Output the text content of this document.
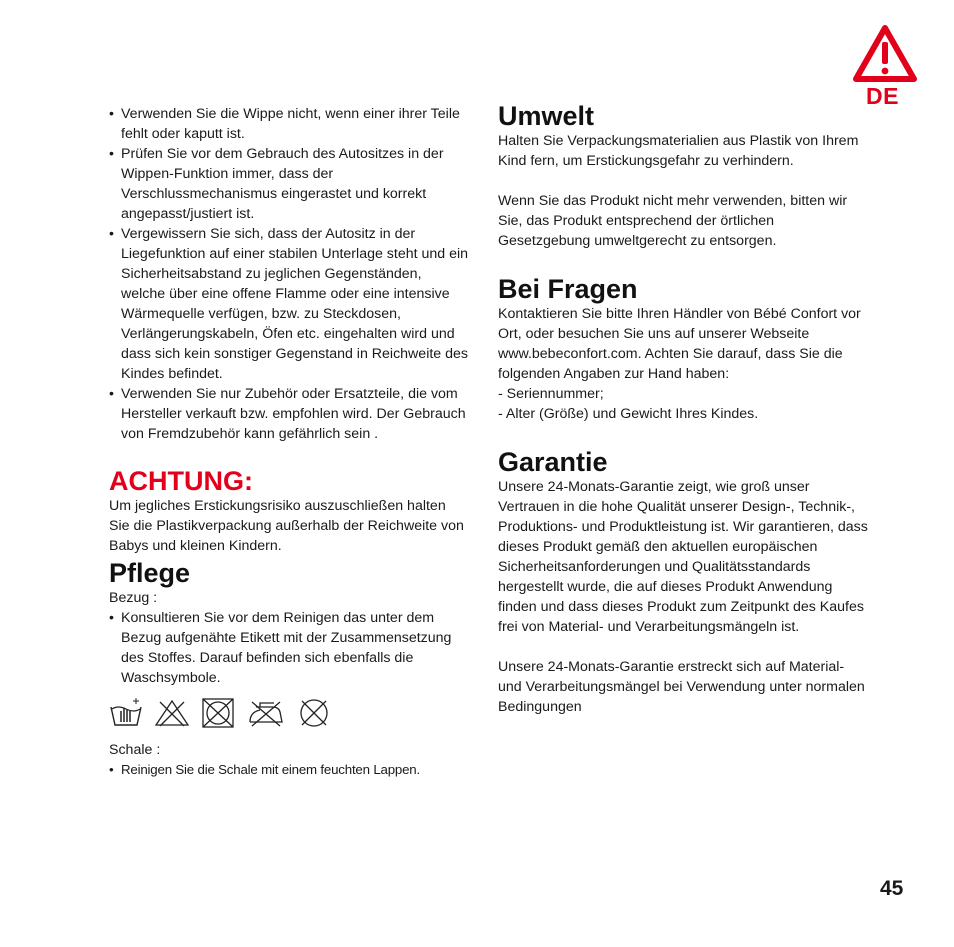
DE
• Verwenden Sie die Wippe nicht, wenn einer ihrer Teile fehlt oder kaputt ist.
• Prüfen Sie vor dem Gebrauch des Autositzes in der Wippen-Funktion immer, dass der Verschlussmechanismus eingerastet und korrekt angepasst/justiert ist.
• Vergewissern Sie sich, dass der Autositz in der Liegefunktion auf einer stabilen Unterlage steht und ein Sicherheitsabstand zu jeglichen Gegenständen, welche über eine offene Flamme oder eine intensive Wärmequelle verfügen, bzw. zu Steckdosen, Verlängerungskabeln, Öfen etc. eingehalten wird und dass sich kein sonstiger Gegenstand in Reichweite des Kindes befindet.
• Verwenden Sie nur Zubehör oder Ersatzteile, die vom Hersteller verkauft bzw. empfohlen wird. Der Gebrauch von Fremdzubehör kann gefährlich sein .
ACHTUNG:

Um jegliches Erstickungsrisiko auszuschließen halten Sie die Plastikverpackung außerhalb der Reichweite von Babys und kleinen Kindern.

Pflege

Bezug :

• Konsultieren Sie vor dem Reinigen das unter dem Bezug aufgenähte Etikett mit der Zusammensetzung des Stoffes. Darauf befinden sich ebenfalls die Waschsymbole.

Schale :

• Reinigen Sie die Schale mit einem feuchten Lappen.
Umwelt

Halten Sie Verpackungsmaterialien aus Plastik von Ihrem Kind fern, um Erstickungsgefahr zu verhindern.

Wenn Sie das Produkt nicht mehr verwenden, bitten wir Sie, das Produkt entsprechend der örtlichen Gesetzgebung umweltgerecht zu entsorgen.

Bei Fragen

Kontaktieren Sie bitte Ihren Händler von Bébé Confort vor Ort, oder besuchen Sie uns auf unserer Webseite www.bebeconfort.com. Achten Sie darauf, dass Sie die folgenden Angaben zur Hand haben:

- Seriennummer;

- Alter (Größe) und Gewicht Ihres Kindes.

Garantie

Unsere 24-Monats-Garantie zeigt, wie groß unser Vertrauen in die hohe Qualität unserer Design-, Technik-, Produktions- und Produktleistung ist. Wir garantieren, dass dieses Produkt gemäß den aktuellen europäischen Sicherheitsanforderungen und Qualitätsstandards hergestellt wurde, die auf dieses Produkt Anwendung finden und dass dieses Produkt zum Zeitpunkt des Kaufes frei von Material- und Verarbeitungsmängeln ist.

Unsere 24-Monats-Garantie erstreckt sich auf Material- und Verarbeitungsmängel bei Verwendung unter normalen Bedingungen

45
